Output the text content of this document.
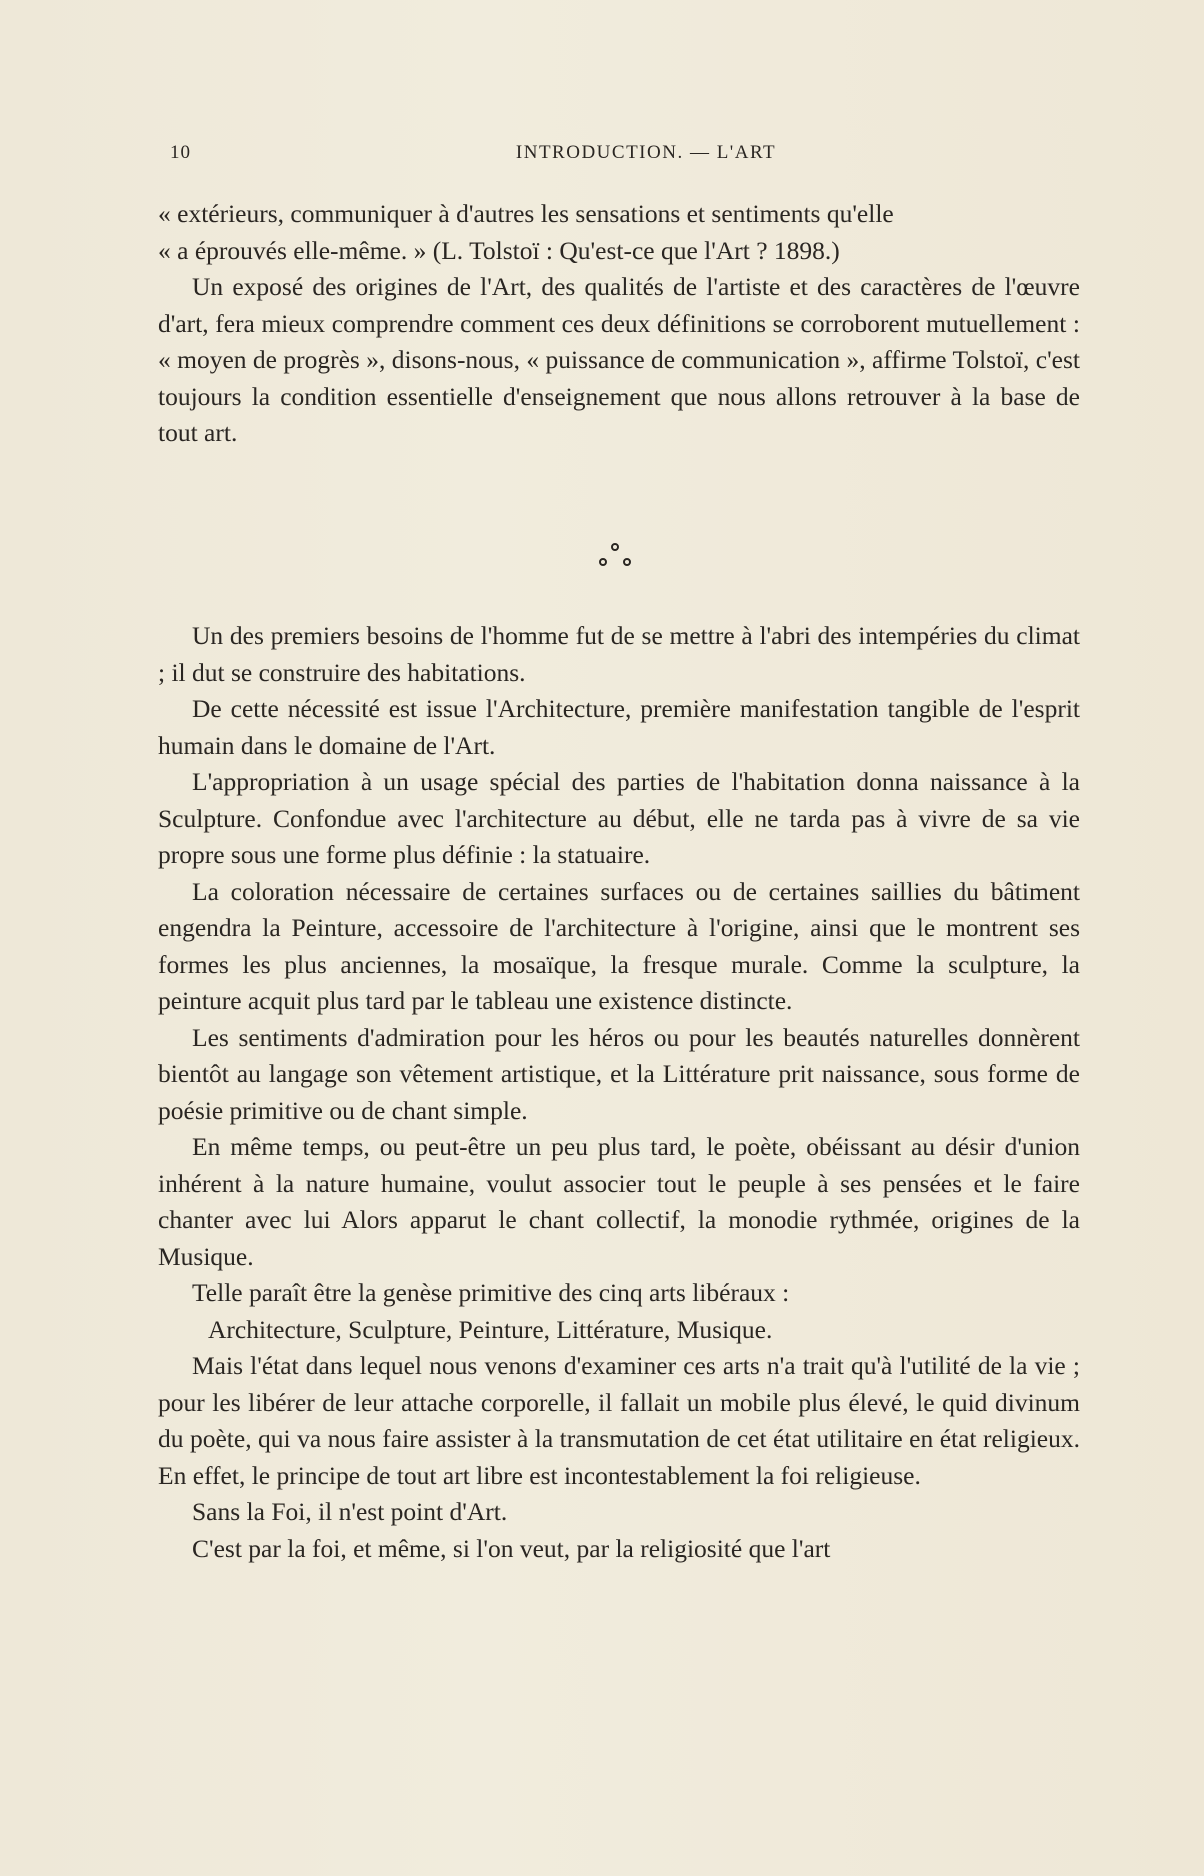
10	INTRODUCTION. — L'ART

« extérieurs, communiquer à d'autres les sensations et sentiments qu'elle

« a éprouvés elle-même. » (L. Tolstoï : Qu'est-ce que l'Art ? 1898.)

Un exposé des origines de l'Art, des qualités de l'artiste et des caractères de l'œuvre d'art, fera mieux comprendre comment ces deux définitions se corroborent mutuellement : « moyen de progrès », disons-nous, « puissance de communication », affirme Tolstoï, c'est toujours la condition essentielle d'enseignement que nous allons retrouver à la base de tout art.

Un des premiers besoins de l'homme fut de se mettre à l'abri des intempéries du climat ; il dut se construire des habitations.

De cette nécessité est issue l'Architecture, première manifestation tangible de l'esprit humain dans le domaine de l'Art.

L'appropriation à un usage spécial des parties de l'habitation donna naissance à la Sculpture. Confondue avec l'architecture au début, elle ne tarda pas à vivre de sa vie propre sous une forme plus définie : la statuaire.

La coloration nécessaire de certaines surfaces ou de certaines saillies du bâtiment engendra la Peinture, accessoire de l'architecture à l'origine, ainsi que le montrent ses formes les plus anciennes, la mosaïque, la fresque murale. Comme la sculpture, la peinture acquit plus tard par le tableau une existence distincte.

Les sentiments d'admiration pour les héros ou pour les beautés naturelles donnèrent bientôt au langage son vêtement artistique, et la Littérature prit naissance, sous forme de poésie primitive ou de chant simple.

En même temps, ou peut-être un peu plus tard, le poète, obéissant au désir d'union inhérent à la nature humaine, voulut associer tout le peuple à ses pensées et le faire chanter avec lui Alors apparut le chant collectif, la monodie rythmée, origines de la Musique.

Telle paraît être la genèse primitive des cinq arts libéraux :

Architecture, Sculpture, Peinture, Littérature, Musique.

Mais l'état dans lequel nous venons d'examiner ces arts n'a trait qu'à l'utilité de la vie ; pour les libérer de leur attache corporelle, il fallait un mobile plus élevé, le quid divinum du poète, qui va nous faire assister à la transmutation de cet état utilitaire en état religieux. En effet, le principe de tout art libre est incontestablement la foi religieuse.

Sans la Foi, il n'est point d'Art.

C'est par la foi, et même, si l'on veut, par la religiosité que l'art
